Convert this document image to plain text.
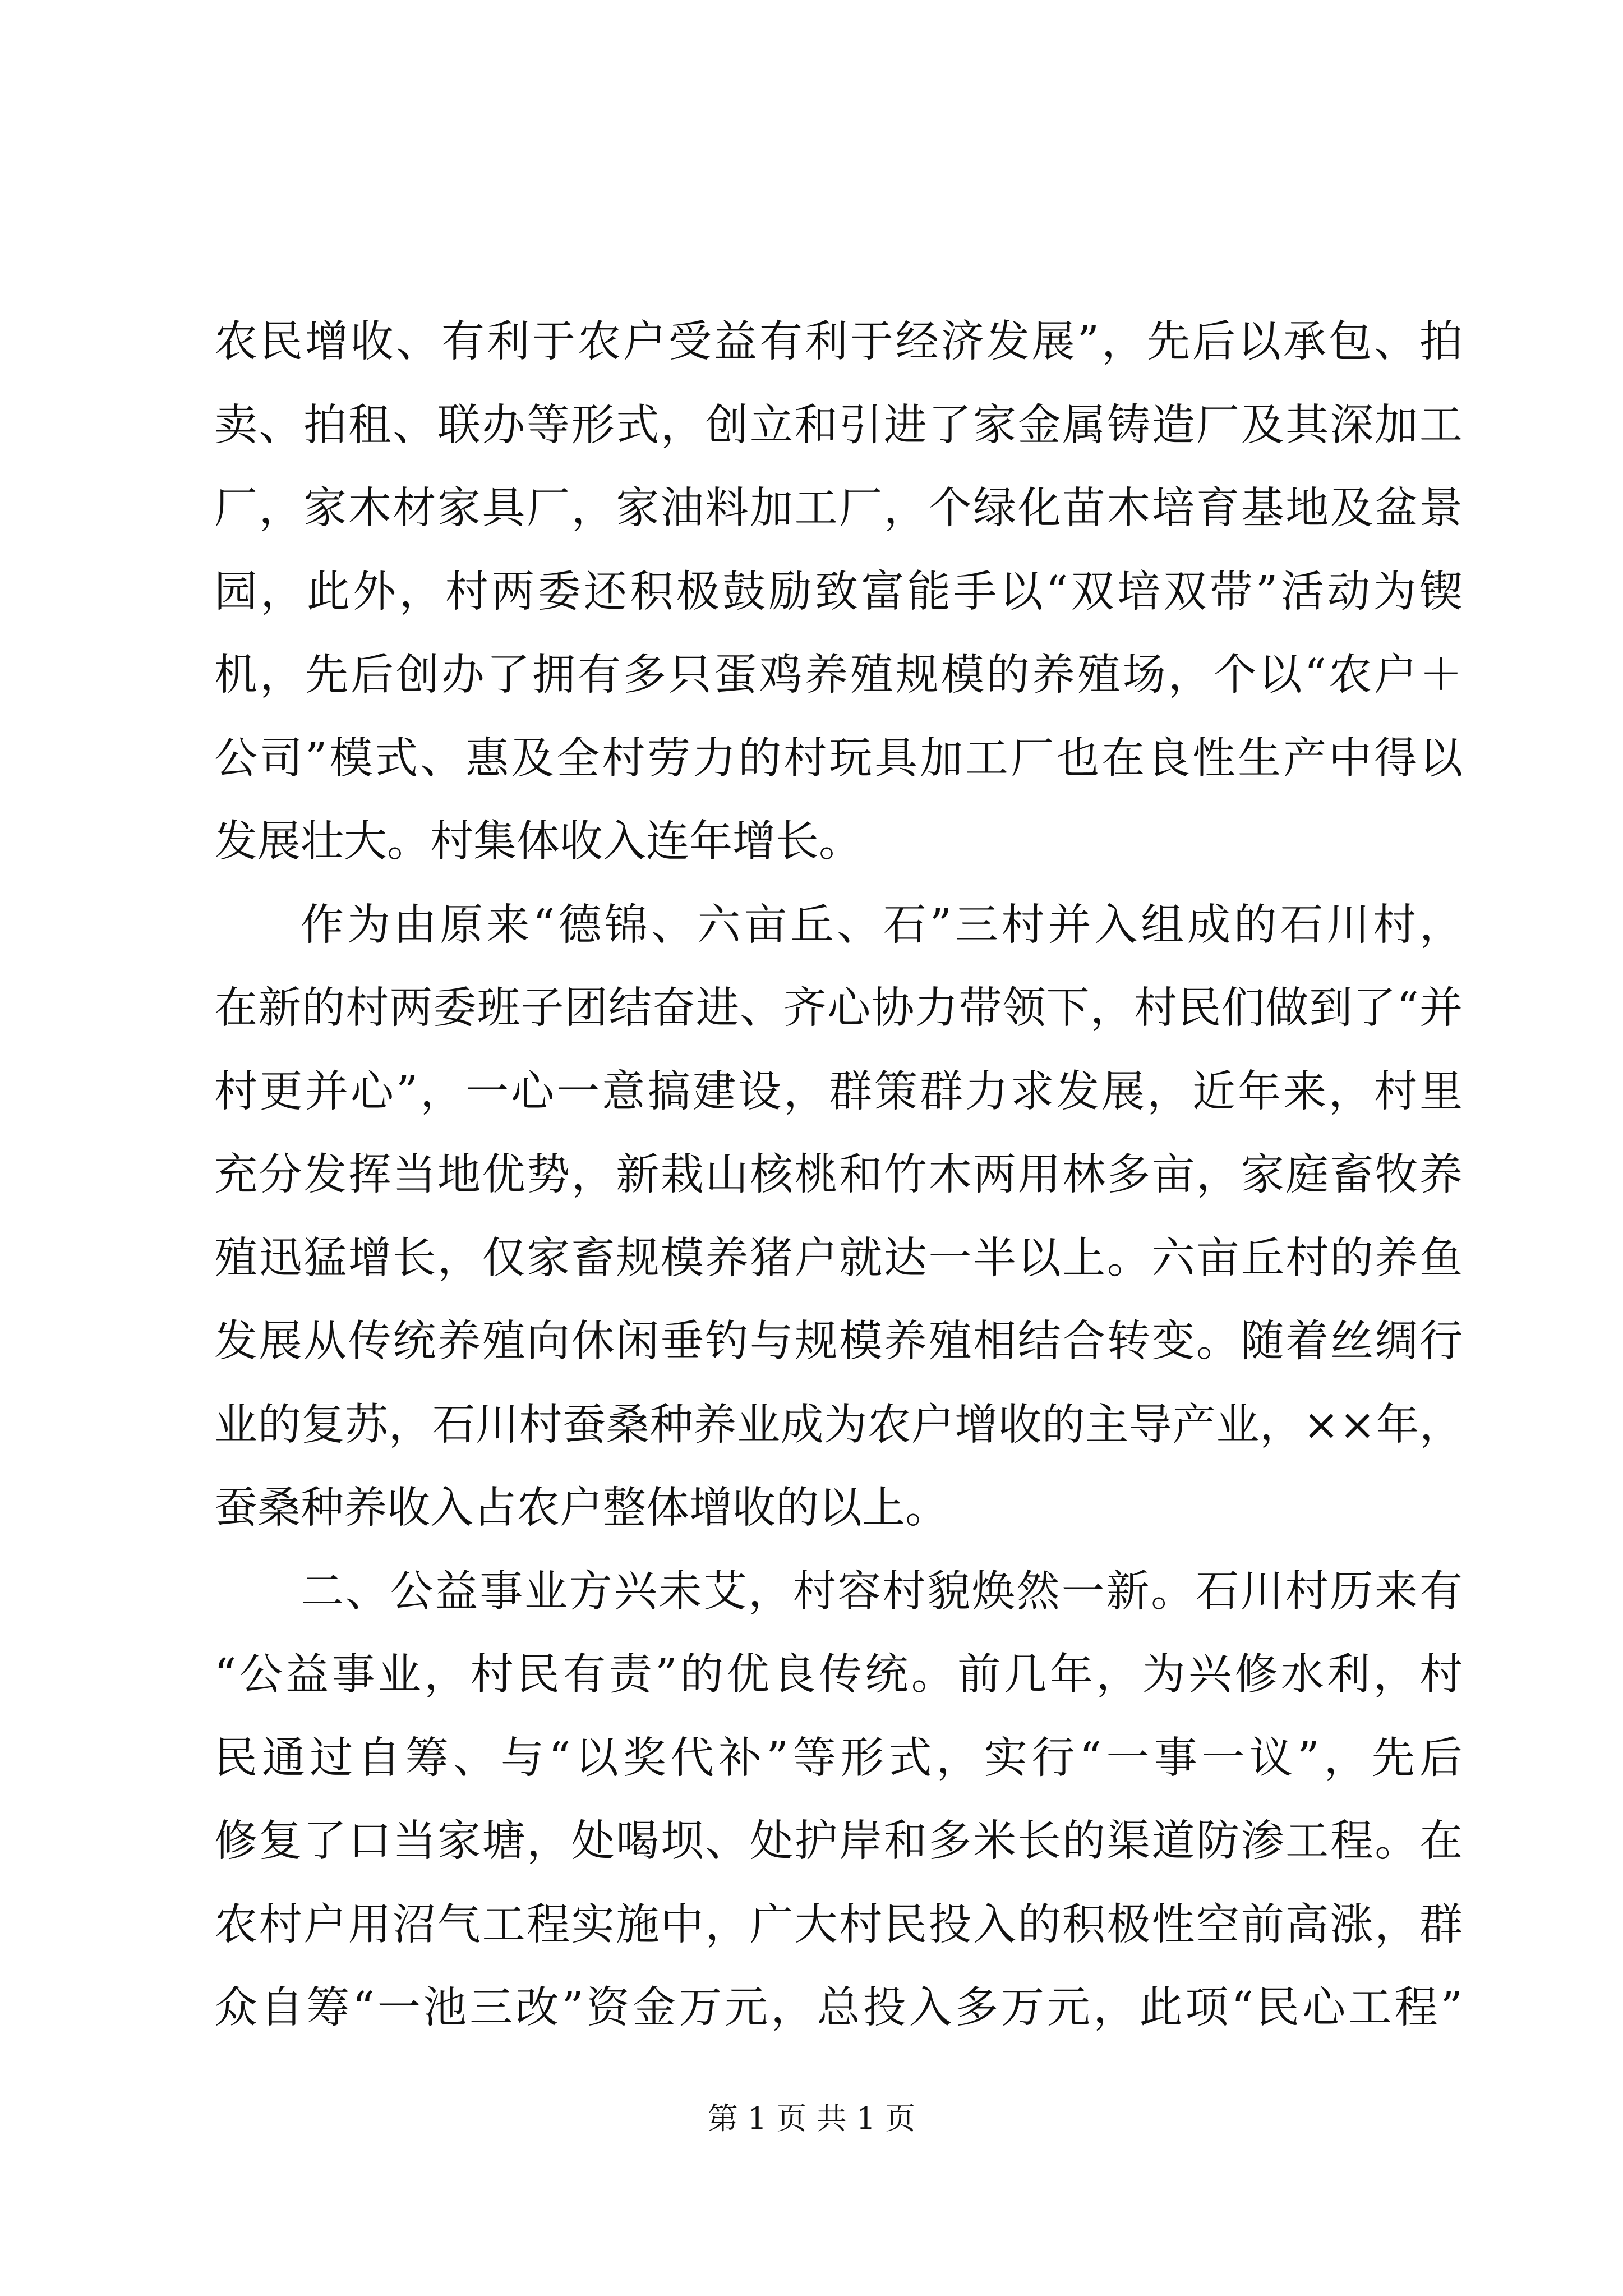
农民增收、有利于农户受益有利于经济发展”，先后以承包、拍
卖、拍租、联办等形式，创立和引进了家金属铸造厂及其深加工
厂，家木材家具厂，家油料加工厂，个绿化苗木培育基地及盆景
园，此外，村两委还积极鼓励致富能手以“双培双带”活动为锲
机，先后创办了拥有多只蛋鸡养殖规模的养殖场，个以“农户＋
公司”模式、惠及全村劳力的村玩具加工厂也在良性生产中得以
发展壮大。村集体收入连年增长。
作为由原来“德锦、六亩丘、石”三村并入组成的石川村，
在新的村两委班子团结奋进、齐心协力带领下，村民们做到了“并
村更并心”，一心一意搞建设，群策群力求发展，近年来，村里
充分发挥当地优势，新栽山核桃和竹木两用林多亩，家庭畜牧养
殖迅猛增长，仅家畜规模养猪户就达一半以上。六亩丘村的养鱼
发展从传统养殖向休闲垂钓与规模养殖相结合转变。随着丝绸行
业的复苏，石川村蚕桑种养业成为农户增收的主导产业，××年，
蚕桑种养收入占农户整体增收的以上。
二、公益事业方兴未艾，村容村貌焕然一新。石川村历来有
“公益事业，村民有责”的优良传统。前几年，为兴修水利，村
民通过自筹、与“以奖代补”等形式，实行“一事一议”，先后
修复了口当家塘，处喝坝、处护岸和多米长的渠道防渗工程。在
农村户用沼气工程实施中，广大村民投入的积极性空前高涨，群
众自筹“一池三改”资金万元，总投入多万元，此项“民心工程”
第 1 页 共 1 页
